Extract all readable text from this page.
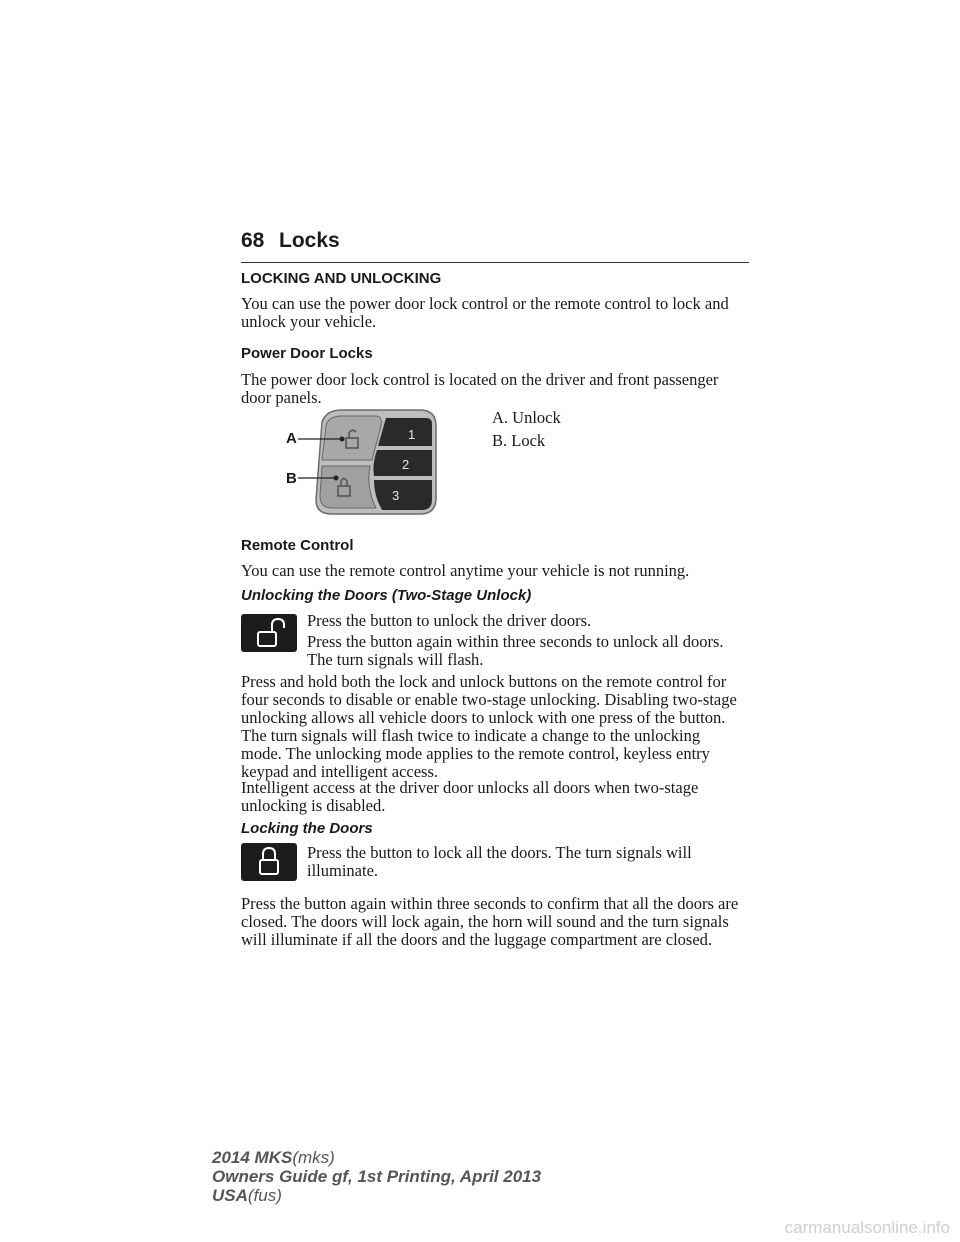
68 Locks
LOCKING AND UNLOCKING
You can use the power door lock control or the remote control to lock and unlock your vehicle.
Power Door Locks
The power door lock control is located on the driver and front passenger door panels.
1
2
3
A
B
A. Unlock
B. Lock
Remote Control
You can use the remote control anytime your vehicle is not running.
Unlocking the Doors (Two-Stage Unlock)
Press the button to unlock the driver doors.
Press the button again within three seconds to unlock all doors. The turn signals will flash.
Press and hold both the lock and unlock buttons on the remote control for four seconds to disable or enable two-stage unlocking. Disabling two-stage unlocking allows all vehicle doors to unlock with one press of the button. The turn signals will flash twice to indicate a change to the unlocking mode. The unlocking mode applies to the remote control, keyless entry keypad and intelligent access.
Intelligent access at the driver door unlocks all doors when two-stage unlocking is disabled.
Locking the Doors
Press the button to lock all the doors. The turn signals will illuminate.
Press the button again within three seconds to confirm that all the doors are closed. The doors will lock again, the horn will sound and the turn signals will illuminate if all the doors and the luggage compartment are closed.
2014 MKS(mks)
Owners Guide gf, 1st Printing, April 2013
USA(fus)
carmanualsonline.info
